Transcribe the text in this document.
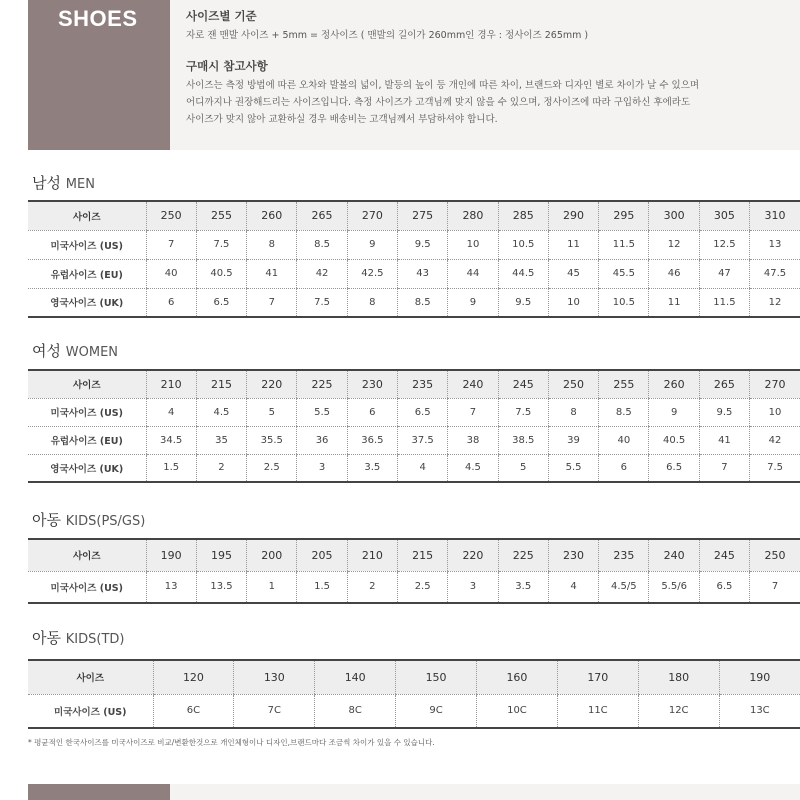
SHOES	사이즈별 기준
자로 잰 맨발 사이즈 + 5mm = 정사이즈 ( 맨발의 길이가 260mm인 경우 : 정사이즈 265mm )
구매시 참고사항
사이즈는 측정 방법에 따른 오차와 발볼의 넓이, 발등의 높이 등 개인에 따른 차이, 브랜드와 디자인 별로 차이가 날 수 있으며
어디까지나 권장해드리는 사이즈입니다. 측정 사이즈가 고객님께 맞지 않을 수 있으며, 정사이즈에 따라 구입하신 후에라도
사이즈가 맞지 않아 교환하실 경우 배송비는 고객님께서 부담하셔야 합니다.
남성 MEN
사이즈	250	255	260	265	270	275	280	285	290	295	300	305	310
미국사이즈 (US)	7	7.5	8	8.5	9	9.5	10	10.5	11	11.5	12	12.5	13
유럽사이즈 (EU)	40	40.5	41	42	42.5	43	44	44.5	45	45.5	46	47	47.5
영국사이즈 (UK)	6	6.5	7	7.5	8	8.5	9	9.5	10	10.5	11	11.5	12
여성 WOMEN
사이즈	210	215	220	225	230	235	240	245	250	255	260	265	270
미국사이즈 (US)	4	4.5	5	5.5	6	6.5	7	7.5	8	8.5	9	9.5	10
유럽사이즈 (EU)	34.5	35	35.5	36	36.5	37.5	38	38.5	39	40	40.5	41	42
영국사이즈 (UK)	1.5	2	2.5	3	3.5	4	4.5	5	5.5	6	6.5	7	7.5
아동 KIDS(PS/GS)
사이즈	190	195	200	205	210	215	220	225	230	235	240	245	250
미국사이즈 (US)	13	13.5	1	1.5	2	2.5	3	3.5	4	4.5/5	5.5/6	6.5	7
아동 KIDS(TD)
사이즈	120	130	140	150	160	170	180	190
미국사이즈 (US)	6C	7C	8C	9C	10C	11C	12C	13C
* 평균적인 한국사이즈를 미국사이즈로 비교/변환한것으로 개인체형이나 디자인,브랜드마다 조금씩 차이가 있을 수 있습니다.
